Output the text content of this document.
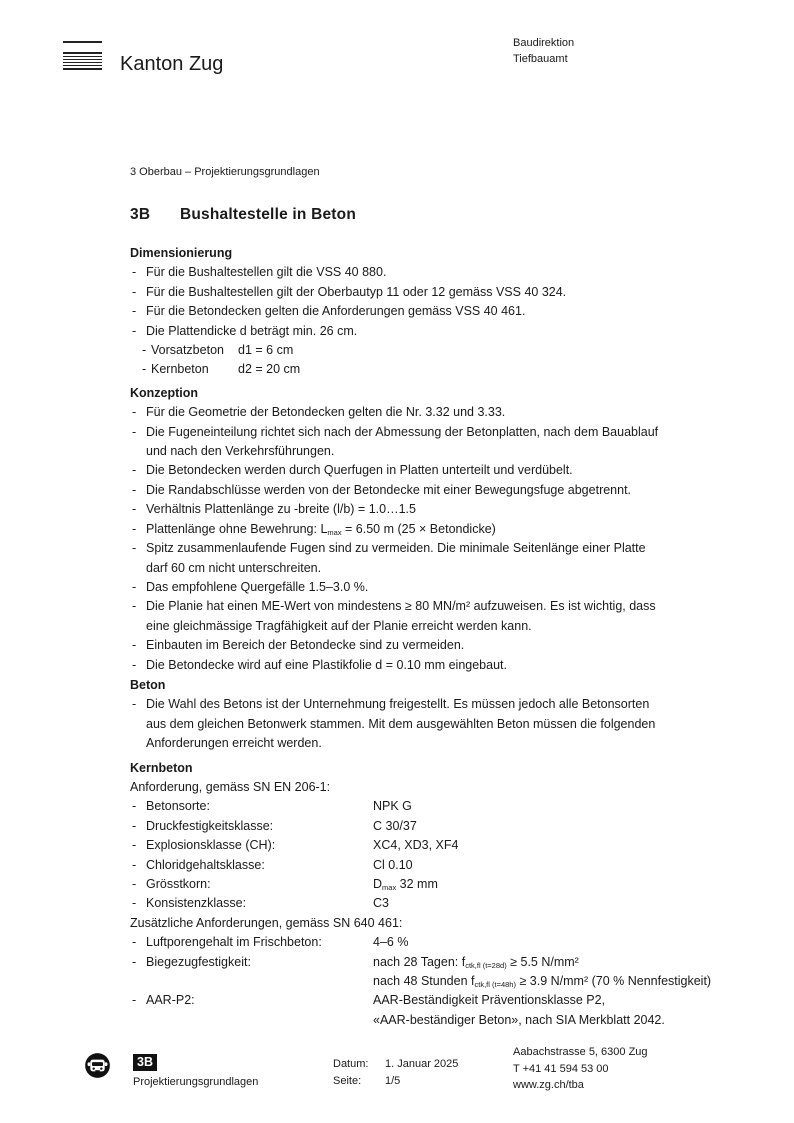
Kanton Zug
Baudirektion
Tiefbauamt
3 Oberbau – Projektierungsgrundlagen
3B Bushaltestelle in Beton
Dimensionierung
- Für die Bushaltestellen gilt die VSS 40 880.
- Für die Bushaltestellen gilt der Oberbautyp 11 oder 12 gemäss VSS 40 324.
- Für die Betondecken gelten die Anforderungen gemäss VSS 40 461.
- Die Plattendicke d beträgt min. 26 cm.
- Vorsatzbeton d1 = 6 cm
- Kernbeton d2 = 20 cm
Konzeption
- Für die Geometrie der Betondecken gelten die Nr. 3.32 und 3.33.
- Die Fugeneinteilung richtet sich nach der Abmessung der Betonplatten, nach dem Bauablauf
und nach den Verkehrsführungen.
- Die Betondecken werden durch Querfugen in Platten unterteilt und verdübelt.
- Die Randabschlüsse werden von der Betondecke mit einer Bewegungsfuge abgetrennt.
- Verhältnis Plattenlänge zu -breite (l/b) = 1.0…1.5
- Plattenlänge ohne Bewehrung: $L_{max} = 6.50$ m (25 × Betondicke)
- Spitz zusammenlaufende Fugen sind zu vermeiden. Die minimale Seitenlänge einer Platte
darf 60 cm nicht unterschreiten.
- Das empfohlene Quergefälle 1.5–3.0 %.
- Die Planie hat einen ME-Wert von mindestens ≥ 80 MN/m² aufzuweisen. Es ist wichtig, dass
eine gleichmässige Tragfähigkeit auf der Planie erreicht werden kann.
- Einbauten im Bereich der Betondecke sind zu vermeiden.
- Die Betondecke wird auf eine Plastikfolie d = 0.10 mm eingebaut.
Beton
- Die Wahl des Betons ist der Unternehmung freigestellt. Es müssen jedoch alle Betonsorten
aus dem gleichen Betonwerk stammen. Mit dem ausgewählten Beton müssen die folgenden
Anforderungen erreicht werden.
Kernbeton
Anforderung, gemäss SN EN 206-1:
- Betonsorte:	NPK G
- Druckfestigkeitsklasse:	C 30/37
- Explosionsklasse (CH):	XC4, XD3, XF4
- Chloridgehaltsklasse:	Cl 0.10
- Grösstkorn:	$D_{max}$ 32 mm
- Konsistenzklasse:	C3
Zusätzliche Anforderungen, gemäss SN 640 461:
- Luftporengehalt im Frischbeton:	4–6 %
- Biegezugfestigkeit:	nach 28 Tagen: $f_{ctk,fl (t=28d)} \ge 5.5$ N/mm²
nach 48 Stunden $f_{ctk,fl (t=48h)} \ge 3.9$ N/mm² (70 % Nennfestigkeit)
- AAR-P2:	AAR-Beständigkeit Präventionsklasse P2,
«AAR-beständiger Beton», nach SIA Merkblatt 2042.
3B
Projektierungsgrundlagen
Datum: 1. Januar 2025
Seite: 1/5
Aabachstrasse 5, 6300 Zug
T +41 41 594 53 00
www.zg.ch/tba
